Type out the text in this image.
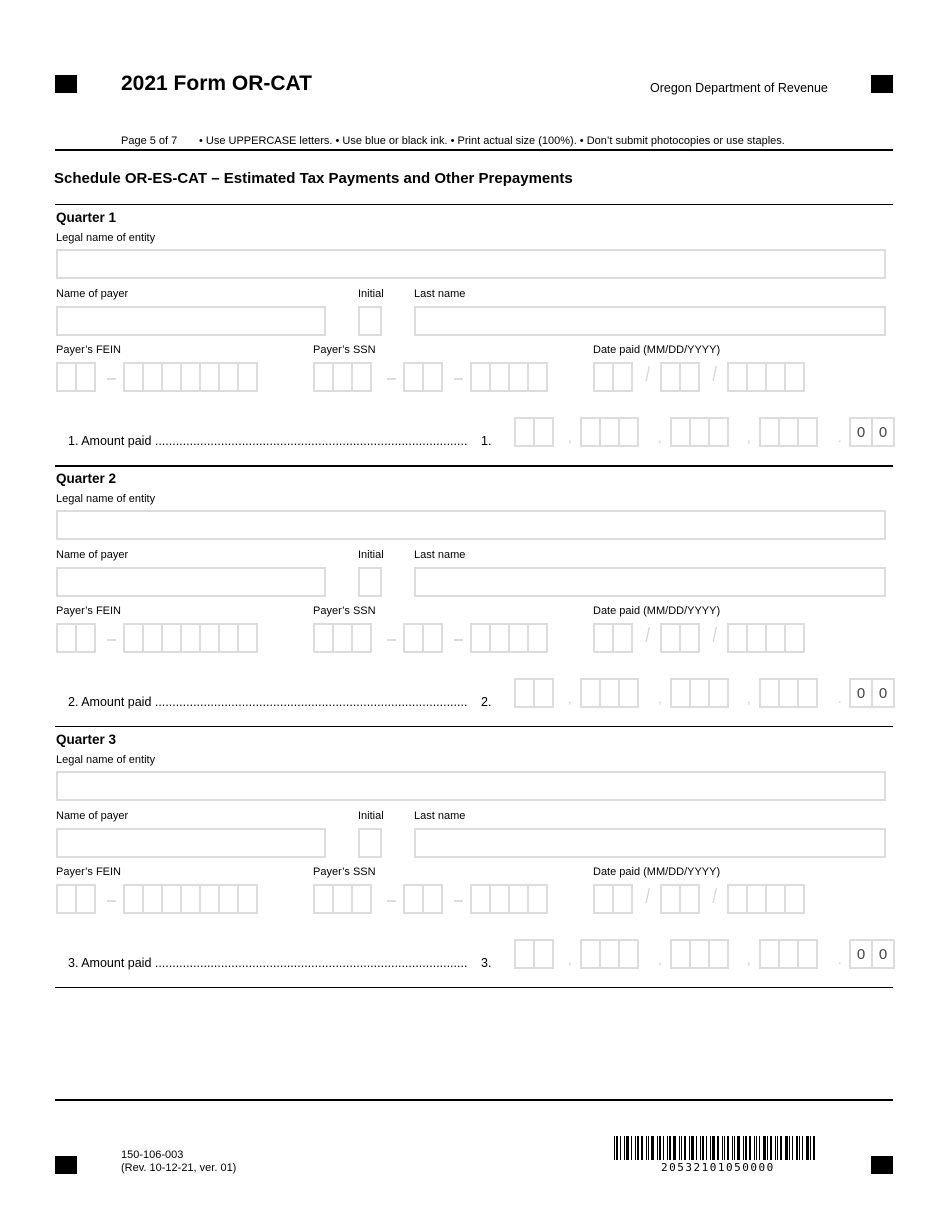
2021 Form OR-CAT	Oregon Department of Revenue
Page 5 of 7 • Use UPPERCASE letters. • Use blue or black ink. • Print actual size (100%). • Don’t submit photocopies or use staples.
Schedule OR-ES-CAT – Estimated Tax Payments and Other Prepayments
Quarter 1
Legal name of entity
Name of payer	Initial	Last name
Payer’s FEIN	Payer’s SSN	Date paid (MM/DD/YYYY)
/	/
1. Amount paid .......................................................................................... 1.	,	,	,	.	0 0
Quarter 2
Legal name of entity
Name of payer	Initial	Last name
Payer’s FEIN	Payer’s SSN	Date paid (MM/DD/YYYY)
/	/
2. Amount paid .......................................................................................... 2.	,	,	,	.	0 0
Quarter 3
Legal name of entity
Name of payer	Initial	Last name
Payer’s FEIN	Payer’s SSN	Date paid (MM/DD/YYYY)
/	/
3. Amount paid .......................................................................................... 3.	,	,	,	.	0 0
150-106-003
(Rev. 10-12-21, ver. 01)	20532101050000
